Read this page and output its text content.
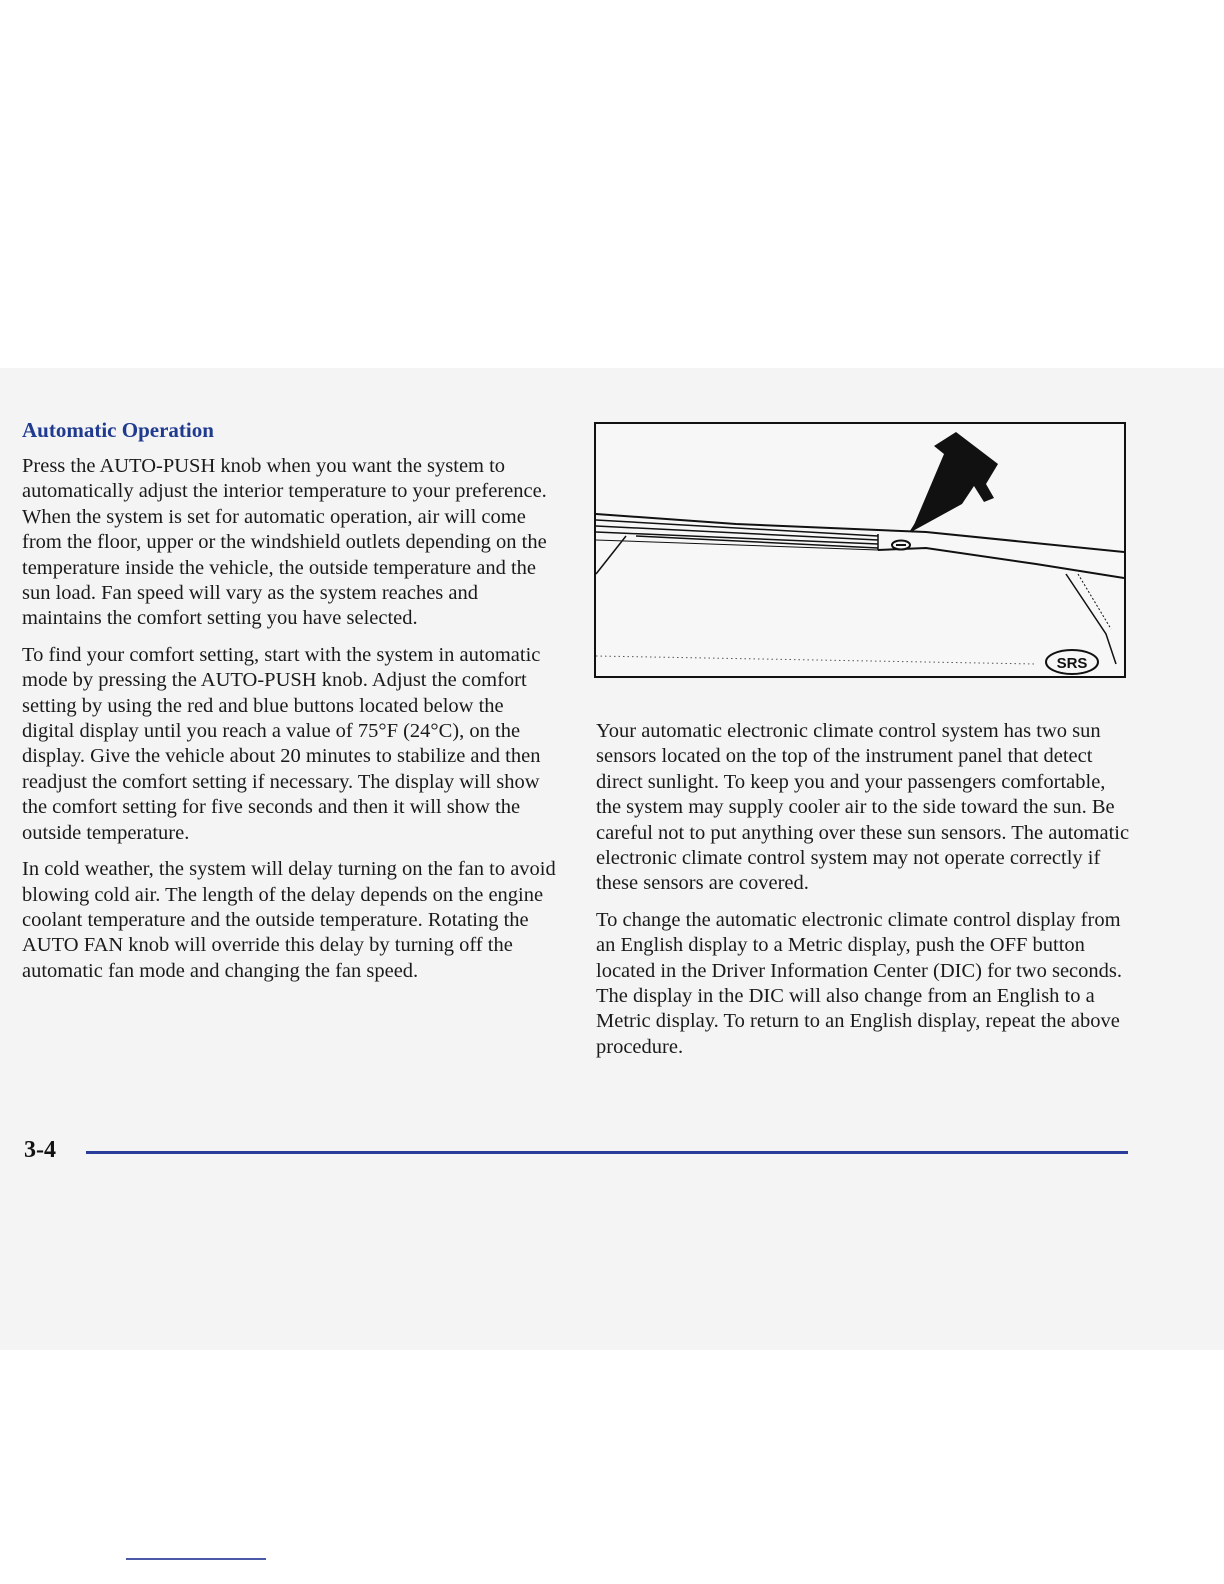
Automatic Operation

Press the AUTO-PUSH knob when you want the system to automatically adjust the interior temperature to your preference. When the system is set for automatic operation, air will come from the floor, upper or the windshield outlets depending on the temperature inside the vehicle, the outside temperature and the sun load. Fan speed will vary as the system reaches and maintains the comfort setting you have selected.

To find your comfort setting, start with the system in automatic mode by pressing the AUTO-PUSH knob. Adjust the comfort setting by using the red and blue buttons located below the digital display until you reach a value of 75°F (24°C), on the display. Give the vehicle about 20 minutes to stabilize and then readjust the comfort setting if necessary. The display will show the comfort setting for five seconds and then it will show the outside temperature.

In cold weather, the system will delay turning on the fan to avoid blowing cold air. The length of the delay depends on the engine coolant temperature and the outside temperature. Rotating the AUTO FAN knob will override this delay by turning off the automatic fan mode and changing the fan speed.

SRS

Your automatic electronic climate control system has two sun sensors located on the top of the instrument panel that detect direct sunlight. To keep you and your passengers comfortable, the system may supply cooler air to the side toward the sun. Be careful not to put anything over these sun sensors. The automatic electronic climate control system may not operate correctly if these sensors are covered.

To change the automatic electronic climate control display from an English display to a Metric display, push the OFF button located in the Driver Information Center (DIC) for two seconds. The display in the DIC will also change from an English to a Metric display. To return to an English display, repeat the above procedure.

3-4
